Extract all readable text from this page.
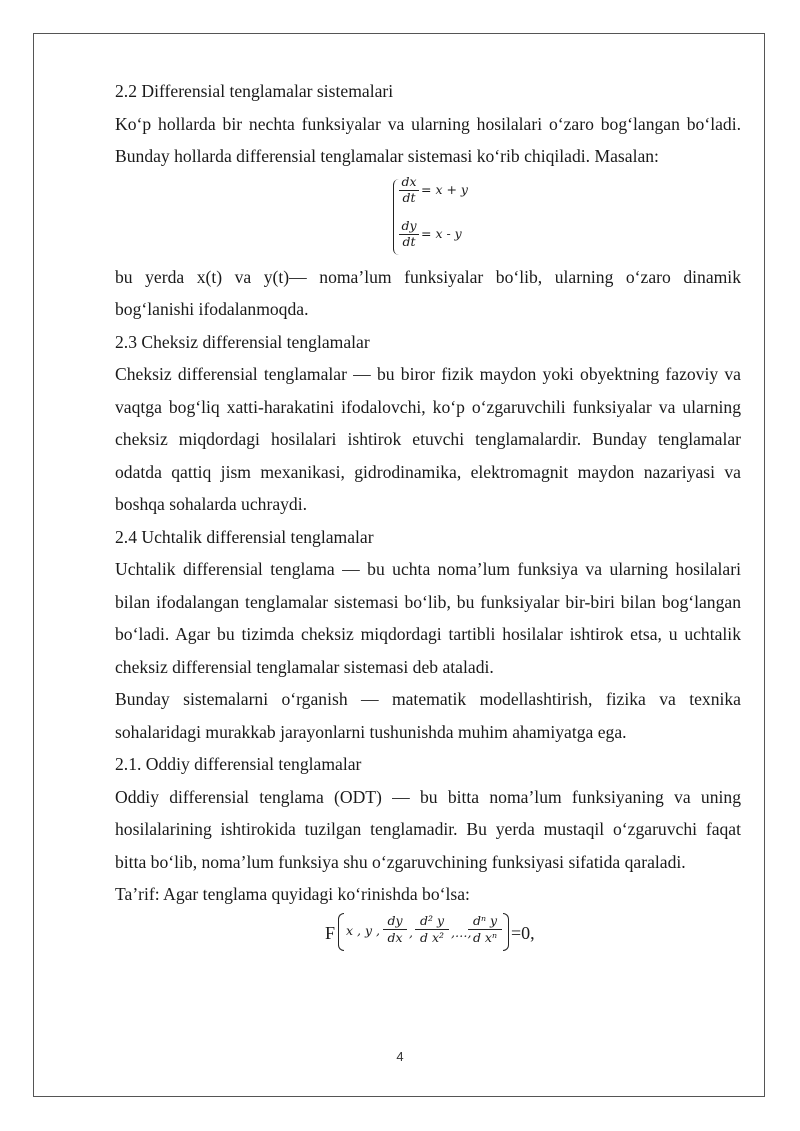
2.2 Differensial tenglamalar sistemalari

Ko‘p hollarda bir nechta funksiyalar va ularning hosilalari o‘zaro bog‘langan bo‘ladi. Bunday hollarda differensial tenglamalar sistemasi ko‘rib chiqiladi. Masalan:

$\frac{dx}{dt} = x + y$
$\frac{dy}{dt} = x - y$

bu yerda x(t) va y(t)— noma’lum funksiyalar bo‘lib, ularning o‘zaro dinamik bog‘lanishi ifodalanmoqda.

2.3 Cheksiz differensial tenglamalar

Cheksiz differensial tenglamalar — bu biror fizik maydon yoki obyektning fazoviy va vaqtga bog‘liq xatti-harakatini ifodalovchi, ko‘p o‘zgaruvchili funksiyalar va ularning cheksiz miqdordagi hosilalari ishtirok etuvchi tenglamalardir. Bunday tenglamalar odatda qattiq jism mexanikasi, gidrodinamika, elektromagnit maydon nazariyasi va boshqa sohalarda uchraydi.

2.4 Uchtalik differensial tenglamalar

Uchtalik differensial tenglama — bu uchta noma’lum funksiya va ularning hosilalari bilan ifodalangan tenglamalar sistemasi bo‘lib, bu funksiyalar bir-biri bilan bog‘langan bo‘ladi. Agar bu tizimda cheksiz miqdordagi tartibli hosilalar ishtirok etsa, u uchtalik cheksiz differensial tenglamalar sistemasi deb ataladi.

Bunday sistemalarni o‘rganish — matematik modellashtirish, fizika va texnika sohalaridagi murakkab jarayonlarni tushunishda muhim ahamiyatga ega.

2.1. Oddiy differensial tenglamalar

Oddiy differensial tenglama (ODT) — bu bitta noma’lum funksiyaning va uning hosilalarining ishtirokida tuzilgan tenglamadir. Bu yerda mustaqil o‘zgaruvchi faqat bitta bo‘lib, noma’lum funksiya shu o‘zgaruvchining funksiyasi sifatida qaraladi.

Ta’rif: Agar tenglama quyidagi ko‘rinishda bo‘lsa:

F x , y , $\frac{dy}{dx}$ , $\frac{\text{d² y}}{\text{d x²}}$ ,…,
$\frac{\text{dⁿ y}}{\text{d xⁿ}} =0$,
4
